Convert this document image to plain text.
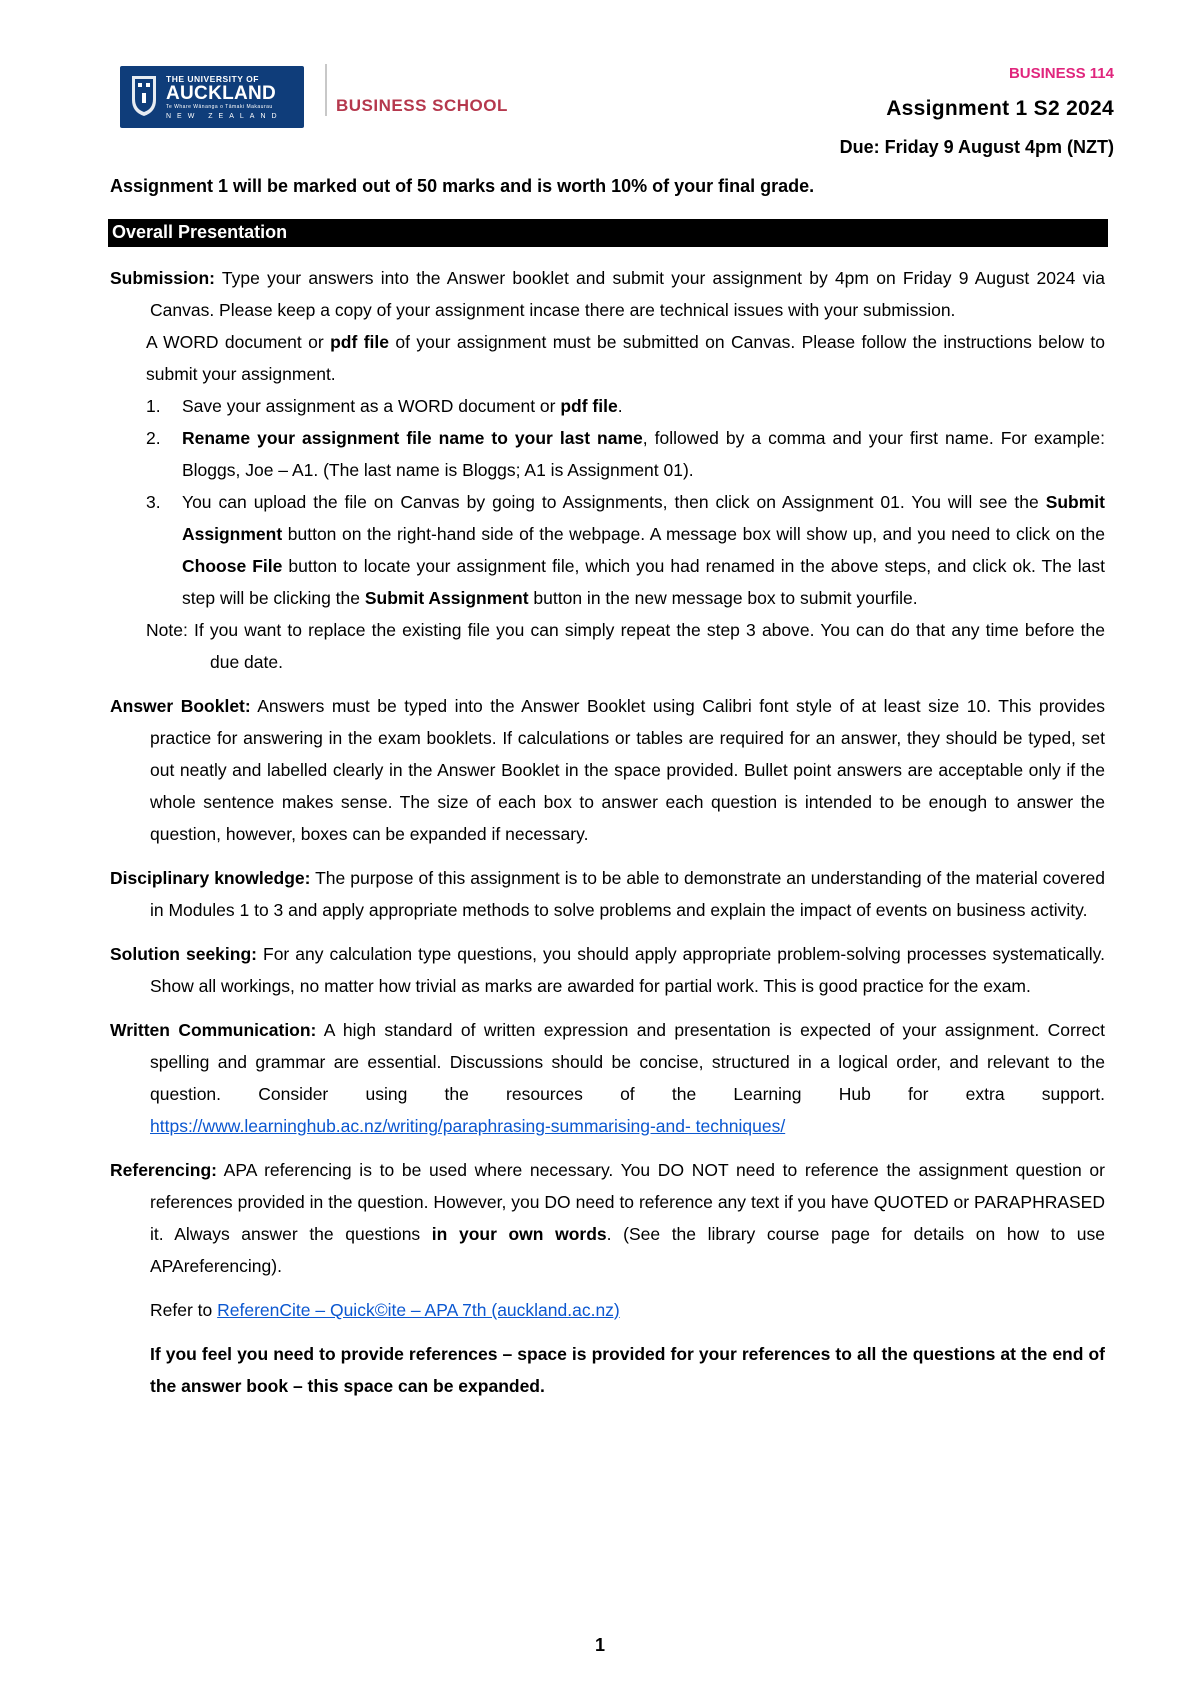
THE UNIVERSITY OF
AUCKLAND
Te Whare Wānanga o Tāmaki Makaurau
NEW ZEALAND
BUSINESS SCHOOL
BUSINESS 114
Assignment 1 S2 2024
Due: Friday 9 August 4pm (NZT)
Assignment 1 will be marked out of 50 marks and is worth 10% of your final grade.
Overall Presentation

Submission: Type your answers into the Answer booklet and submit your assignment by 4pm on Friday 9 August 2024 via Canvas. Please keep a copy of your assignment incase there are technical issues with your submission.

A WORD document or pdf file of your assignment must be submitted on Canvas. Please follow the instructions below to submit your assignment.

1. Save your assignment as a WORD document or pdf file.
2. Rename your assignment file name to your last name, followed by a comma and your first name. For example: Bloggs, Joe – A1. (The last name is Bloggs; A1 is Assignment 01).
3. You can upload the file on Canvas by going to Assignments, then click on Assignment 01. You will see the Submit Assignment button on the right-hand side of the webpage. A message box will show up, and you need to click on the Choose File button to locate your assignment file, which you had renamed in the above steps, and click ok. The last step will be clicking the Submit Assignment button in the new message box to submit yourfile.

Note: If you want to replace the existing file you can simply repeat the step 3 above. You can do that any time before the due date.

Answer Booklet: Answers must be typed into the Answer Booklet using Calibri font style of at least size 10. This provides practice for answering in the exam booklets. If calculations or tables are required for an answer, they should be typed, set out neatly and labelled clearly in the Answer Booklet in the space provided. Bullet point answers are acceptable only if the whole sentence makes sense. The size of each box to answer each question is intended to be enough to answer the question, however, boxes can be expanded if necessary.

Disciplinary knowledge: The purpose of this assignment is to be able to demonstrate an understanding of the material covered in Modules 1 to 3 and apply appropriate methods to solve problems and explain the impact of events on business activity.

Solution seeking: For any calculation type questions, you should apply appropriate problem-solving processes systematically. Show all workings, no matter how trivial as marks are awarded for partial work. This is good practice for the exam.

Written Communication: A high standard of written expression and presentation is expected of your assignment. Correct spelling and grammar are essential. Discussions should be concise, structured in a logical order, and relevant to the question. Consider using the resources of the Learning Hub for extra support. https://www.learninghub.ac.nz/writing/paraphrasing-summarising-and- techniques/

Referencing: APA referencing is to be used where necessary. You DO NOT need to reference the assignment question or references provided in the question. However, you DO need to reference any text if you have QUOTED or PARAPHRASED it. Always answer the questions in your own words. (See the library course page for details on how to use APAreferencing).

Refer to ReferenCite – Quick©ite – APA 7th (auckland.ac.nz)

If you feel you need to provide references – space is provided for your references to all the questions at the end of the answer book – this space can be expanded.

1
